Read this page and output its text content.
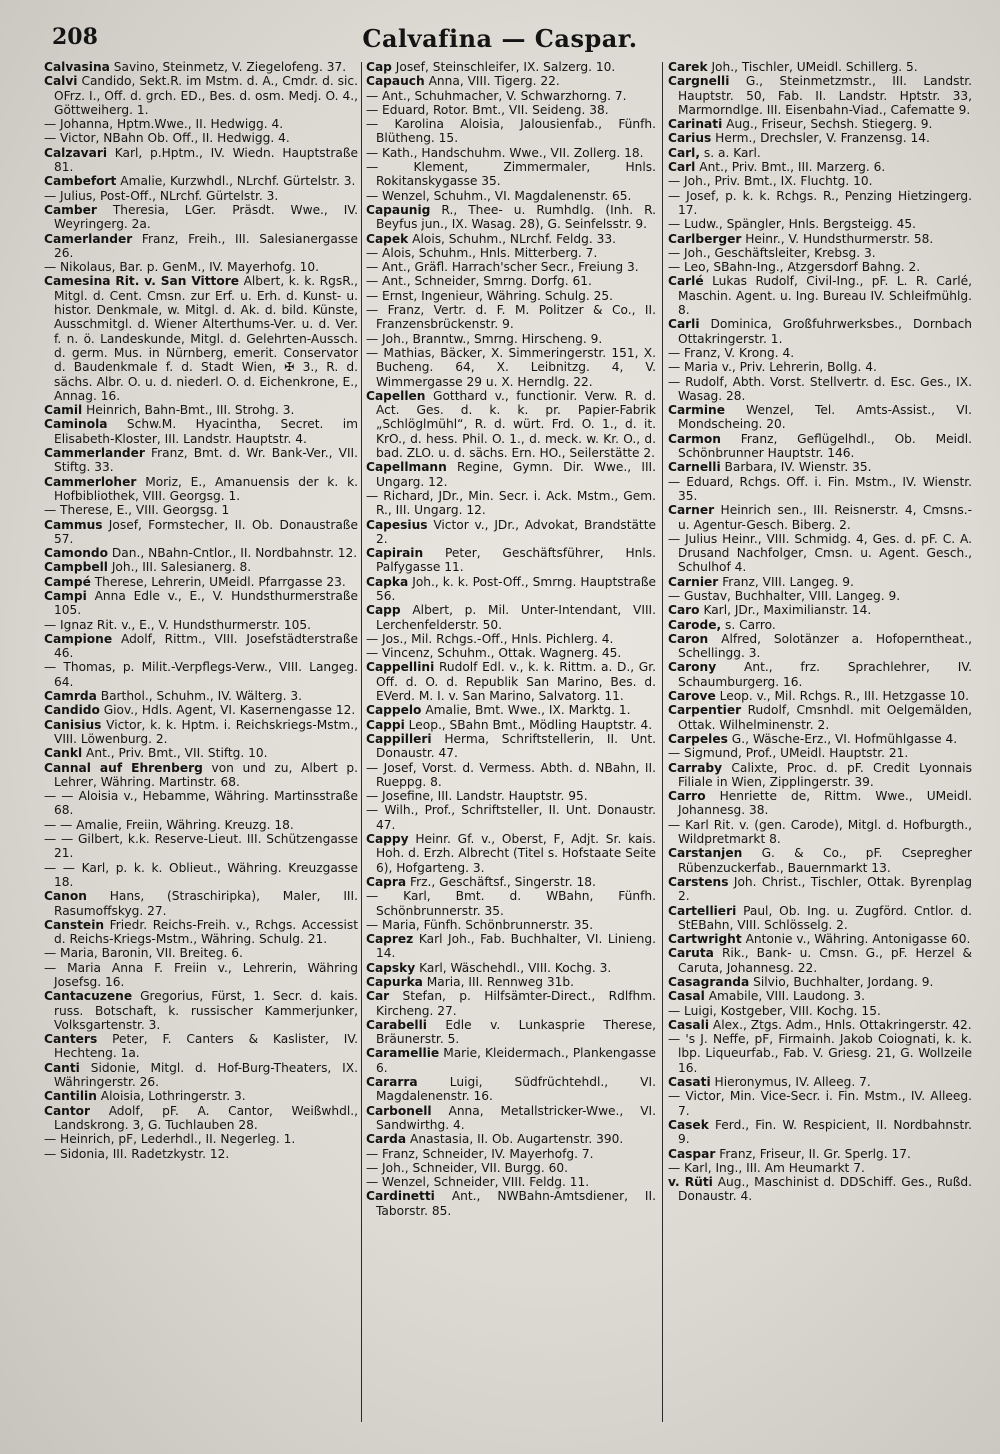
208	Calvafina — Caspar.

Calvasina Savino, Steinmetz, V. Ziegelofeng. 37.

Calvi Candido, Sekt.R. im Mstm. d. A., Cmdr. d. sic. OFrz. I., Off. d. grch. ED., Bes. d. osm. Medj. O. 4., Göttweiherg. 1.

— Johanna, Hptm.Wwe., II. Hedwigg. 4.

— Victor, NBahn Ob. Off., II. Hedwigg. 4.

Calzavari Karl, p.Hptm., IV. Wiedn. Hauptstraße 81.

Cambefort Amalie, Kurzwhdl., NLrchf. Gürtelstr. 3.

— Julius, Post-Off., NLrchf. Gürtelstr. 3.

Camber Theresia, LGer. Präsdt. Wwe., IV. Weyringerg. 2a.

Camerlander Franz, Freih., III. Salesianergasse 26.

— Nikolaus, Bar. p. GenM., IV. Mayerhofg. 10.

Camesina Rit. v. San Vittore Albert, k. k. RgsR., Mitgl. d. Cent. Cmsn. zur Erf. u. Erh. d. Kunst- u. histor. Denkmale, w. Mitgl. d. Ak. d. bild. Künste, Ausschmitgl. d. Wiener Alterthums-Ver. u. d. Ver. f. n. ö. Landeskunde, Mitgl. d. Gelehrten-Aussch. d. germ. Mus. in Nürnberg, emerit. Conservator d. Baudenkmale f. d. Stadt Wien, ✠ 3., R. d. sächs. Albr. O. u. d. niederl. O. d. Eichenkrone, E., Annag. 16.

Camil Heinrich, Bahn-Bmt., III. Strohg. 3.

Caminola Schw.M. Hyacintha, Secret. im Elisabeth-Kloster, III. Landstr. Hauptstr. 4.

Cammerlander Franz, Bmt. d. Wr. Bank-Ver., VII. Stiftg. 33.

Cammerloher Moriz, E., Amanuensis der k. k. Hofbibliothek, VIII. Georgsg. 1.

— Therese, E., VIII. Georgsg. 1

Cammus Josef, Formstecher, II. Ob. Donaustraße 57.

Camondo Dan., NBahn-Cntlor., II. Nordbahnstr. 12.

Campbell Joh., III. Salesianerg. 8.

Campé Therese, Lehrerin, UMeidl. Pfarrgasse 23.

Campi Anna Edle v., E., V. Hundsthurmerstraße 105.

— Ignaz Rit. v., E., V. Hundsthurmerstr. 105.

Campione Adolf, Rittm., VIII. Josefstädterstraße 46.

— Thomas, p. Milit.-Verpflegs-Verw., VIII. Langeg. 64.

Camrda Barthol., Schuhm., IV. Wälterg. 3.

Candido Giov., Hdls. Agent, VI. Kasernengasse 12.

Canisius Victor, k. k. Hptm. i. Reichskriegs-Mstm., VIII. Löwenburg. 2.

Cankl Ant., Priv. Bmt., VII. Stiftg. 10.

Cannal auf Ehrenberg von und zu, Albert p. Lehrer, Währing. Martinstr. 68.

— — Aloisia v., Hebamme, Währing. Martinsstraße 68.

— — Amalie, Freiin, Währing. Kreuzg. 18.

— — Gilbert, k.k. Reserve-Lieut. III. Schützengasse 21.

— — Karl, p. k. k. Oblieut., Währing. Kreuzgasse 18.

Canon Hans, (Straschiripka), Maler, III. Rasumoffskyg. 27.

Canstein Friedr. Reichs-Freih. v., Rchgs. Accessist d. Reichs-Kriegs-Mstm., Währing. Schulg. 21.

— Maria, Baronin, VII. Breiteg. 6.

— Maria Anna F. Freiin v., Lehrerin, Währing Josefsg. 16.

Cantacuzene Gregorius, Fürst, 1. Secr. d. kais. russ. Botschaft, k. russischer Kammerjunker, Volksgartenstr. 3.

Canters Peter, F. Canters & Kaslister, IV. Hechteng. 1a.

Canti Sidonie, Mitgl. d. Hof-Burg-Theaters, IX. Währingerstr. 26.

Cantilin Aloisia, Lothringerstr. 3.

Cantor Adolf, pF. A. Cantor, Weißwhdl., Landskrong. 3, G. Tuchlauben 28.

— Heinrich, pF, Lederhdl., II. Negerleg. 1.

— Sidonia, III. Radetzkystr. 12.

Cap Josef, Steinschleifer, IX. Salzerg. 10.

Capauch Anna, VIII. Tigerg. 22.

— Ant., Schuhmacher, V. Schwarzhorng. 7.

— Eduard, Rotor. Bmt., VII. Seideng. 38.

— Karolina Aloisia, Jalousienfab., Fünfh. Blütheng. 15.

— Kath., Handschuhm. Wwe., VII. Zollerg. 18.

— Klement, Zimmermaler, Hnls. Rokitanskygasse 35.

— Wenzel, Schuhm., VI. Magdalenenstr. 65.

Capaunig R., Thee- u. Rumhdlg. (Inh. R. Beyfus jun., IX. Wasag. 28), G. Seinfelsstr. 9.

Capek Alois, Schuhm., NLrchf. Feldg. 33.

— Alois, Schuhm., Hnls. Mitterberg. 7.

— Ant., Gräfl. Harrach'scher Secr., Freiung 3.

— Ant., Schneider, Smrng. Dorfg. 61.

— Ernst, Ingenieur, Währing. Schulg. 25.

— Franz, Vertr. d. F. M. Politzer & Co., II. Franzensbrückenstr. 9.

— Joh., Branntw., Smrng. Hirscheng. 9.

— Mathias, Bäcker, X. Simmeringerstr. 151, X. Bucheng. 64, X. Leibnitzg. 4, V. Wimmergasse 29 u. X. Herndlg. 22.

Capellen Gotthard v., functionir. Verw. R. d. Act. Ges. d. k. k. pr. Papier-Fabrik „Schlöglmühl“, R. d. würt. Frd. O. 1., d. it. KrO., d. hess. Phil. O. 1., d. meck. w. Kr. O., d. bad. ZLO. u. d. sächs. Ern. HO., Seilerstätte 2.

Capellmann Regine, Gymn. Dir. Wwe., III. Ungarg. 12.

— Richard, JDr., Min. Secr. i. Ack. Mstm., Gem. R., III. Ungarg. 12.

Capesius Victor v., JDr., Advokat, Brandstätte 2.

Capirain Peter, Geschäftsführer, Hnls. Palfygasse 11.

Capka Joh., k. k. Post-Off., Smrng. Hauptstraße 56.

Capp Albert, p. Mil. Unter-Intendant, VIII. Lerchenfelderstr. 50.

— Jos., Mil. Rchgs.-Off., Hnls. Pichlerg. 4.

— Vincenz, Schuhm., Ottak. Wagnerg. 45.

Cappellini Rudolf Edl. v., k. k. Rittm. a. D., Gr. Off. d. O. d. Republik San Marino, Bes. d. EVerd. M. I. v. San Marino, Salvatorg. 11.

Cappelo Amalie, Bmt. Wwe., IX. Marktg. 1.

Cappi Leop., SBahn Bmt., Mödling Hauptstr. 4.

Cappilleri Herma, Schriftstellerin, II. Unt. Donaustr. 47.

— Josef, Vorst. d. Vermess. Abth. d. NBahn, II. Rueppg. 8.

— Josefine, III. Landstr. Hauptstr. 95.

— Wilh., Prof., Schriftsteller, II. Unt. Donaustr. 47.

Cappy Heinr. Gf. v., Oberst, F, Adjt. Sr. kais. Hoh. d. Erzh. Albrecht (Titel s. Hofstaate Seite 6), Hofgarteng. 3.

Capra Frz., Geschäftsf., Singerstr. 18.

— Karl, Bmt. d. WBahn, Fünfh. Schönbrunnerstr. 35.

— Maria, Fünfh. Schönbrunnerstr. 35.

Caprez Karl Joh., Fab. Buchhalter, VI. Linieng. 14.

Capsky Karl, Wäschehdl., VIII. Kochg. 3.

Capurka Maria, III. Rennweg 31b.

Car Stefan, p. Hilfsämter-Direct., Rdlfhm. Kircheng. 27.

Carabelli Edle v. Lunkasprie Therese, Bräunerstr. 5.

Caramellie Marie, Kleidermach., Plankengasse 6.

Cararra	Luigi, Südfrüchtehdl., VI. Magdalenenstr. 16.

Carbonell Anna, Metallstricker-Wwe., VI. Sandwirthg. 4.

Carda Anastasia, II. Ob. Augartenstr. 390.

— Franz, Schneider, IV. Mayerhofg. 7.

— Joh., Schneider, VII. Burgg. 60.

— Wenzel, Schneider, VIII. Feldg. 11.

Cardinetti Ant., NWBahn-Amtsdiener, II. Taborstr. 85.

Carek Joh., Tischler, UMeidl. Schillerg. 5.

Cargnelli G., Steinmetzmstr., III. Landstr. Hauptstr. 50, Fab. II. Landstr. Hptstr. 33, Marmorndlge. III. Eisenbahn-Viad., Cafematte 9.

Carinati Aug., Friseur, Sechsh. Stiegerg. 9.

Carius Herm., Drechsler, V. Franzensg. 14.

Carl, s. a. Karl.

Carl Ant., Priv. Bmt., III. Marzerg. 6.

— Joh., Priv. Bmt., IX. Fluchtg. 10.

— Josef, p. k. k. Rchgs. R., Penzing Hietzingerg. 17.

— Ludw., Spängler, Hnls. Bergsteigg. 45.

Carlberger Heinr., V. Hundsthurmerstr. 58.

— Joh., Geschäftsleiter, Krebsg. 3.

— Leo, SBahn-Ing., Atzgersdorf Bahng. 2.

Carlé Lukas Rudolf, Civil-Ing., pF. L. R. Carlé, Maschin. Agent. u. Ing. Bureau IV. Schleifmühlg. 8.

Carli Dominica, Großfuhrwerksbes., Dornbach Ottakringerstr. 1.

— Franz, V. Krong. 4.

— Maria v., Priv. Lehrerin, Bollg. 4.

— Rudolf, Abth. Vorst. Stellvertr. d. Esc. Ges., IX. Wasag. 28.

Carmine Wenzel, Tel. Amts-Assist., VI. Mondscheing. 20.

Carmon Franz, Geflügelhdl., Ob. Meidl. Schönbrunner Hauptstr. 146.

Carnelli Barbara, IV. Wienstr. 35.

— Eduard, Rchgs. Off. i. Fin. Mstm., IV. Wienstr. 35.

Carner Heinrich sen., III. Reisnerstr. 4, Cmsns.- u. Agentur-Gesch. Biberg. 2.

— Julius Heinr., VIII. Schmidg. 4, Ges. d. pF. C. A. Drusand Nachfolger, Cmsn. u. Agent. Gesch., Schulhof 4.

Carnier Franz, VIII. Langeg. 9.

— Gustav, Buchhalter, VIII. Langeg. 9.

Caro Karl, JDr., Maximilianstr. 14.

Carode, s. Carro.

Caron Alfred, Solotänzer a. Hofoperntheat., Schellingg. 3.

Carony Ant., frz. Sprachlehrer, IV. Schaumburgerg. 16.

Carove Leop. v., Mil. Rchgs. R., III. Hetzgasse 10.

Carpentier Rudolf, Cmsnhdl. mit Oelgemälden, Ottak. Wilhelminenstr. 2.

Carpeles G., Wäsche-Erz., VI. Hofmühlgasse 4.

— Sigmund, Prof., UMeidl. Hauptstr. 21.

Carraby Calixte, Proc. d. pF. Credit Lyonnais Filiale in Wien, Zipplingerstr. 39.

Carro Henriette de, Rittm. Wwe., UMeidl. Johannesg. 38.

— Karl Rit. v. (gen. Carode), Mitgl. d. Hofburgth., Wildpretmarkt 8.

Carstanjen G. & Co., pF. Csepregher Rübenzuckerfab., Bauernmarkt 13.

Carstens Joh. Christ., Tischler, Ottak. Byrenplag 2.

Cartellieri Paul, Ob. Ing. u. Zugförd. Cntlor. d. StEBahn, VIII. Schlösselg. 2.

Cartwright Antonie v., Währing. Antonigasse 60.

Caruta Rik., Bank- u. Cmsn. G., pF. Herzel & Caruta, Johannesg. 22.

Casagranda Silvio, Buchhalter, Jordang. 9.

Casal Amabile, VIII. Laudong. 3.

— Luigi, Kostgeber, VIII. Kochg. 15.

Casali Alex., Ztgs. Adm., Hnls. Ottakringerstr. 42.

— 's J. Neffe, pF, Firmainh. Jakob Coiognati, k. k. lbp. Liqueurfab., Fab. V. Griesg. 21, G. Wollzeile 16.

Casati Hieronymus, IV. Alleeg. 7.

— Victor, Min. Vice-Secr. i. Fin. Mstm., IV. Alleeg. 7.

Casek Ferd., Fin. W. Respicient, II. Nordbahnstr. 9.

Caspar Franz, Friseur, II. Gr. Sperlg. 17.

— Karl, Ing., III. Am Heumarkt 7.

v. Rüti Aug., Maschinist d. DDSchiff. Ges., Rußd. Donaustr. 4.
